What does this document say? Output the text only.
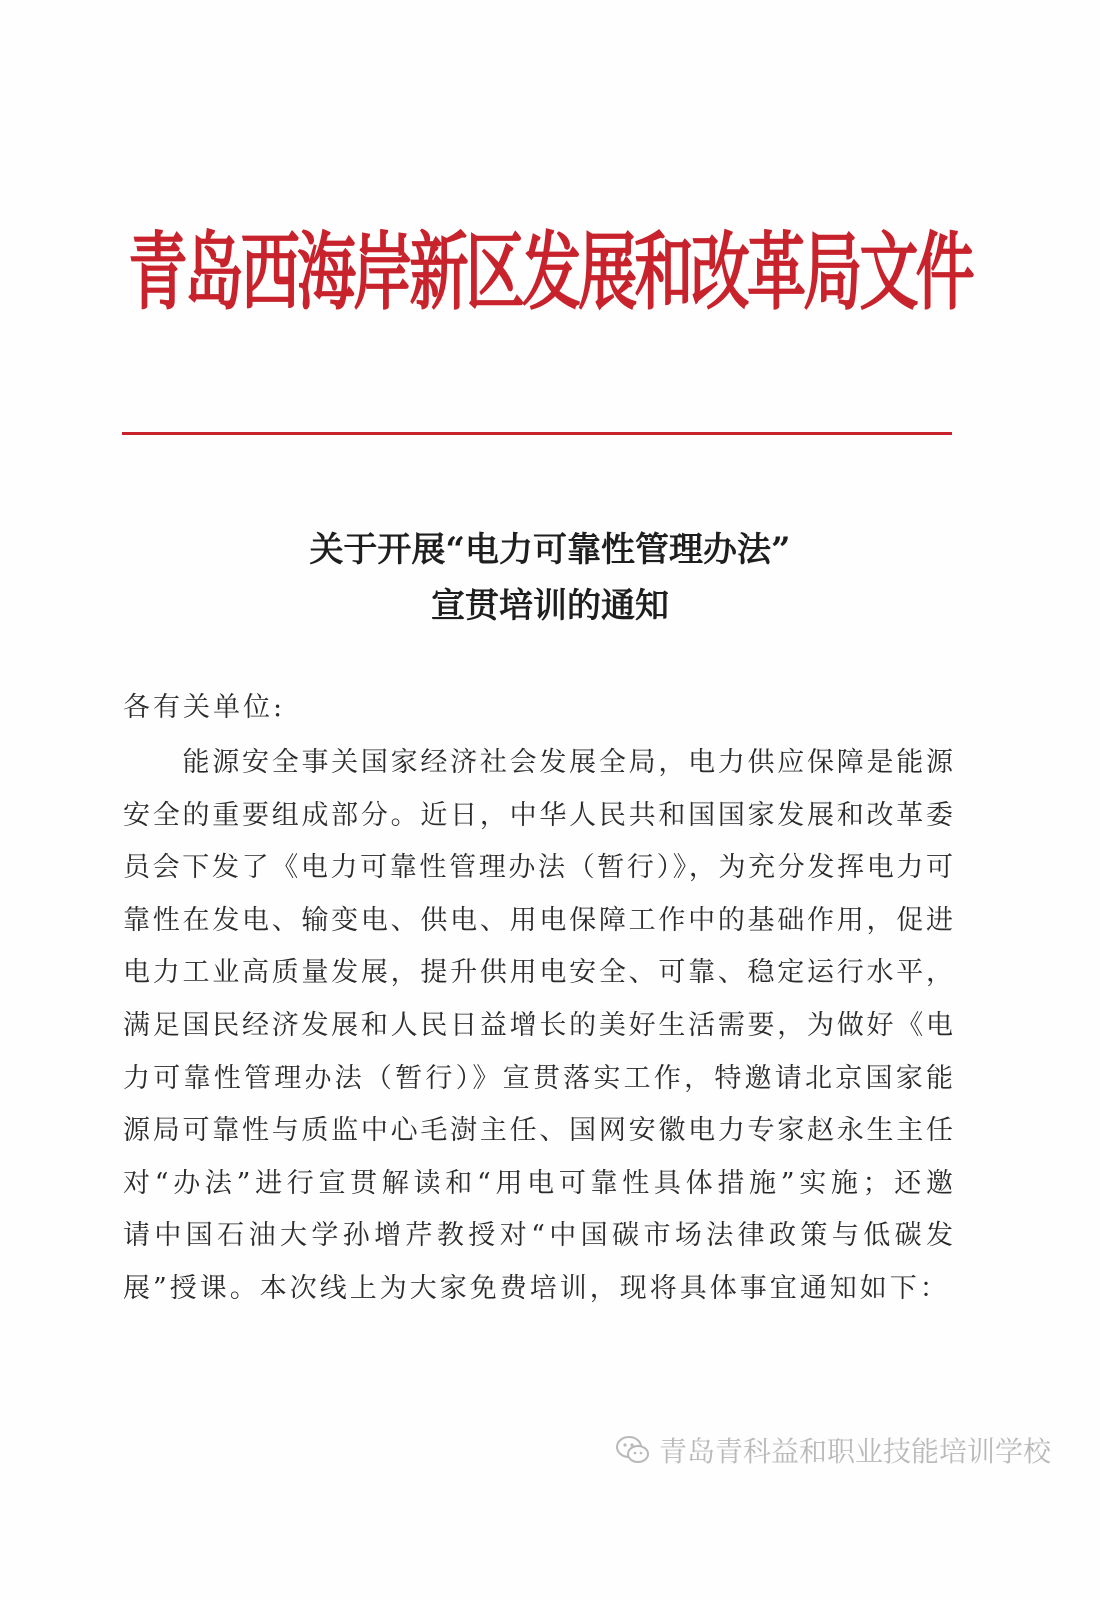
青岛西海岸新区发展和改革局文件
关于开展“电力可靠性管理办法”
宣贯培训的通知
各有关单位:
　　能源安全事关国家经济社会发展全局，电力供应保障是能源
安全的重要组成部分。近日，中华人民共和国国家发展和改革委
员会下发了《电力可靠性管理办法（暂行）》，为充分发挥电力可
靠性在发电、输变电、供电、用电保障工作中的基础作用，促进
电力工业高质量发展，提升供用电安全、可靠、稳定运行水平，
满足国民经济发展和人民日益增长的美好生活需要，为做好《电
力可靠性管理办法（暂行）》宣贯落实工作，特邀请北京国家能
源局可靠性与质监中心毛澍主任、国网安徽电力专家赵永生主任
对“办法”进行宣贯解读和“用电可靠性具体措施”实施；还邀
请中国石油大学孙增芹教授对“中国碳市场法律政策与低碳发
展”授课。本次线上为大家免费培训，现将具体事宜通知如下：
青岛青科益和职业技能培训学校
